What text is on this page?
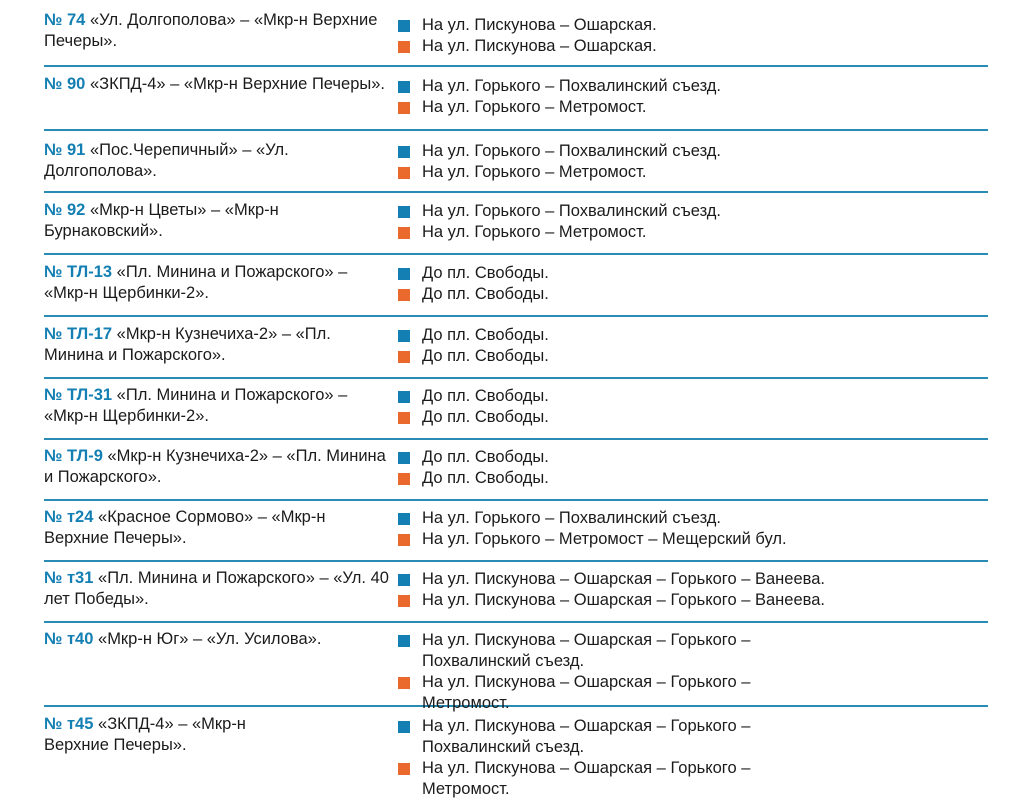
№ 74 «Ул. Долгополова» – «Мкр-н Верхние Печеры».
На ул. Пискунова – Ошарская.
На ул. Пискунова – Ошарская.
№ 90 «ЗКПД-4» – «Мкр-н Верхние Печеры».	На ул. Горького – Похвалинский съезд.
На ул. Горького – Метромост.
№ 91 «Пос.Черепичный» – «Ул. Долгополова».
На ул. Горького – Похвалинский съезд.
На ул. Горького – Метромост.
№ 92 «Мкр-н Цветы» – «Мкр-н Бурнаковский».
На ул. Горького – Похвалинский съезд.
На ул. Горького – Метромост.
№ ТЛ-13 «Пл. Минина и Пожарского» – «Мкр-н Щербинки-2».
До пл. Свободы.
До пл. Свободы.
№ ТЛ-17 «Мкр-н Кузнечиха-2» – «Пл. Минина и Пожарского».
До пл. Свободы.
До пл. Свободы.
№ ТЛ-31 «Пл. Минина и Пожарского» – «Мкр-н Щербинки-2».
До пл. Свободы.
До пл. Свободы.
№ ТЛ-9 «Мкр-н Кузнечиха-2» – «Пл. Минина и Пожарского».
До пл. Свободы.
До пл. Свободы.
№ т24 «Красное Сормово» – «Мкр-н Верхние Печеры».
На ул. Горького – Похвалинский съезд.
На ул. Горького – Метромост – Мещерский бул.
№ т31 «Пл. Минина и Пожарского» – «Ул. 40 лет Победы».
На ул. Пискунова – Ошарская – Горького – Ванеева.
На ул. Пискунова – Ошарская – Горького – Ванеева.
№ т40 «Мкр-н Юг» – «Ул. Усилова».	На ул. Пискунова – Ошарская – Горького – Похвалинский съезд.
На ул. Пискунова – Ошарская – Горького – Метромост.
№ т45 «ЗКПД-4» – «Мкр-н Верхние Печеры».
На ул. Пискунова – Ошарская – Горького – Похвалинский съезд.
На ул. Пискунова – Ошарская – Горького – Метромост.
